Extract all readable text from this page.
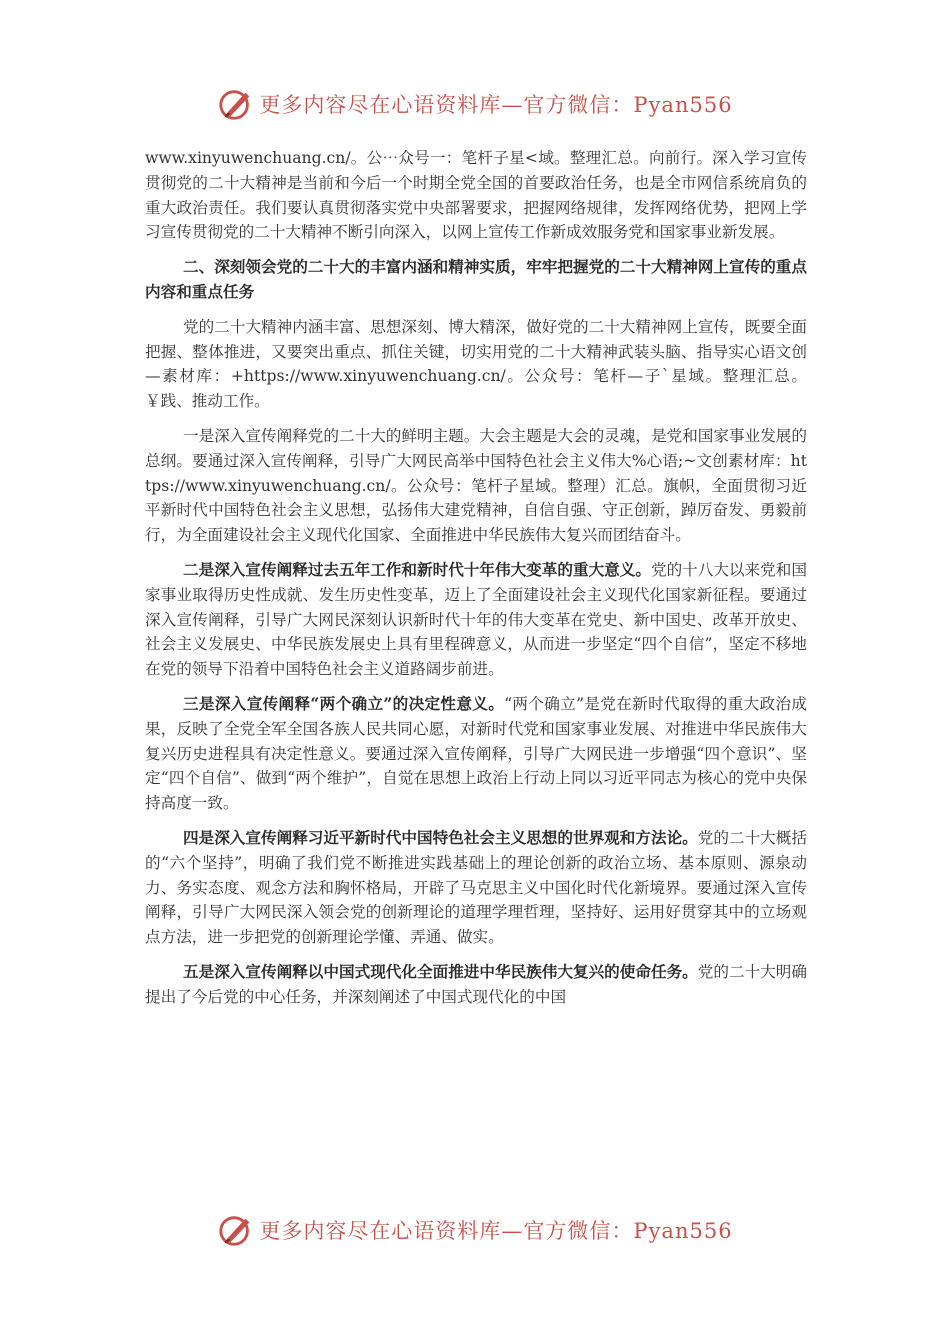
更多内容尽在心语资料库—官方微信：Pyan556

www.xinyuwenchuang.cn/。公⋯众号一：笔杆子星<域。整理汇总。向前行。深入学习宣传贯彻党的二十大精神是当前和今后一个时期全党全国的首要政治任务，也是全市网信系统肩负的重大政治责任。我们要认真贯彻落实党中央部署要求，把握网络规律，发挥网络优势，把网上学习宣传贯彻党的二十大精神不断引向深入，以网上宣传工作新成效服务党和国家事业新发展。

二、深刻领会党的二十大的丰富内涵和精神实质，牢牢把握党的二十大精神网上宣传的重点内容和重点任务

党的二十大精神内涵丰富、思想深刻、博大精深，做好党的二十大精神网上宣传，既要全面把握、整体推进，又要突出重点、抓住关键，切实用党的二十大精神武装头脑、指导实心语文创—素材库：+https://www.xinyuwenchuang.cn/。公众号：笔杆—子`星域。整理汇总。￥践、推动工作。

一是深入宣传阐释党的二十大的鲜明主题。大会主题是大会的灵魂，是党和国家事业发展的总纲。要通过深入宣传阐释，引导广大网民高举中国特色社会主义伟大%心语;~文创素材库：https://www.xinyuwenchuang.cn/。公众号：笔杆子星域。整理）汇总。旗帜，全面贯彻习近平新时代中国特色社会主义思想，弘扬伟大建党精神，自信自强、守正创新，踔厉奋发、勇毅前行，为全面建设社会主义现代化国家、全面推进中华民族伟大复兴而团结奋斗。

二是深入宣传阐释过去五年工作和新时代十年伟大变革的重大意义。党的十八大以来党和国家事业取得历史性成就、发生历史性变革，迈上了全面建设社会主义现代化国家新征程。要通过深入宣传阐释，引导广大网民深刻认识新时代十年的伟大变革在党史、新中国史、改革开放史、社会主义发展史、中华民族发展史上具有里程碑意义，从而进一步坚定“四个自信”，坚定不移地在党的领导下沿着中国特色社会主义道路阔步前进。

三是深入宣传阐释“两个确立”的决定性意义。“两个确立”是党在新时代取得的重大政治成果，反映了全党全军全国各族人民共同心愿，对新时代党和国家事业发展、对推进中华民族伟大复兴历史进程具有决定性意义。要通过深入宣传阐释，引导广大网民进一步增强“四个意识”、坚定“四个自信”、做到“两个维护”，自觉在思想上政治上行动上同以习近平同志为核心的党中央保持高度一致。

四是深入宣传阐释习近平新时代中国特色社会主义思想的世界观和方法论。党的二十大概括的“六个坚持”，明确了我们党不断推进实践基础上的理论创新的政治立场、基本原则、源泉动力、务实态度、观念方法和胸怀格局，开辟了马克思主义中国化时代化新境界。要通过深入宣传阐释，引导广大网民深入领会党的创新理论的道理学理哲理，坚持好、运用好贯穿其中的立场观点方法，进一步把党的创新理论学懂、弄通、做实。

五是深入宣传阐释以中国式现代化全面推进中华民族伟大复兴的使命任务。党的二十大明确提出了今后党的中心任务，并深刻阐述了中国式现代化的中国

更多内容尽在心语资料库—官方微信：Pyan556
